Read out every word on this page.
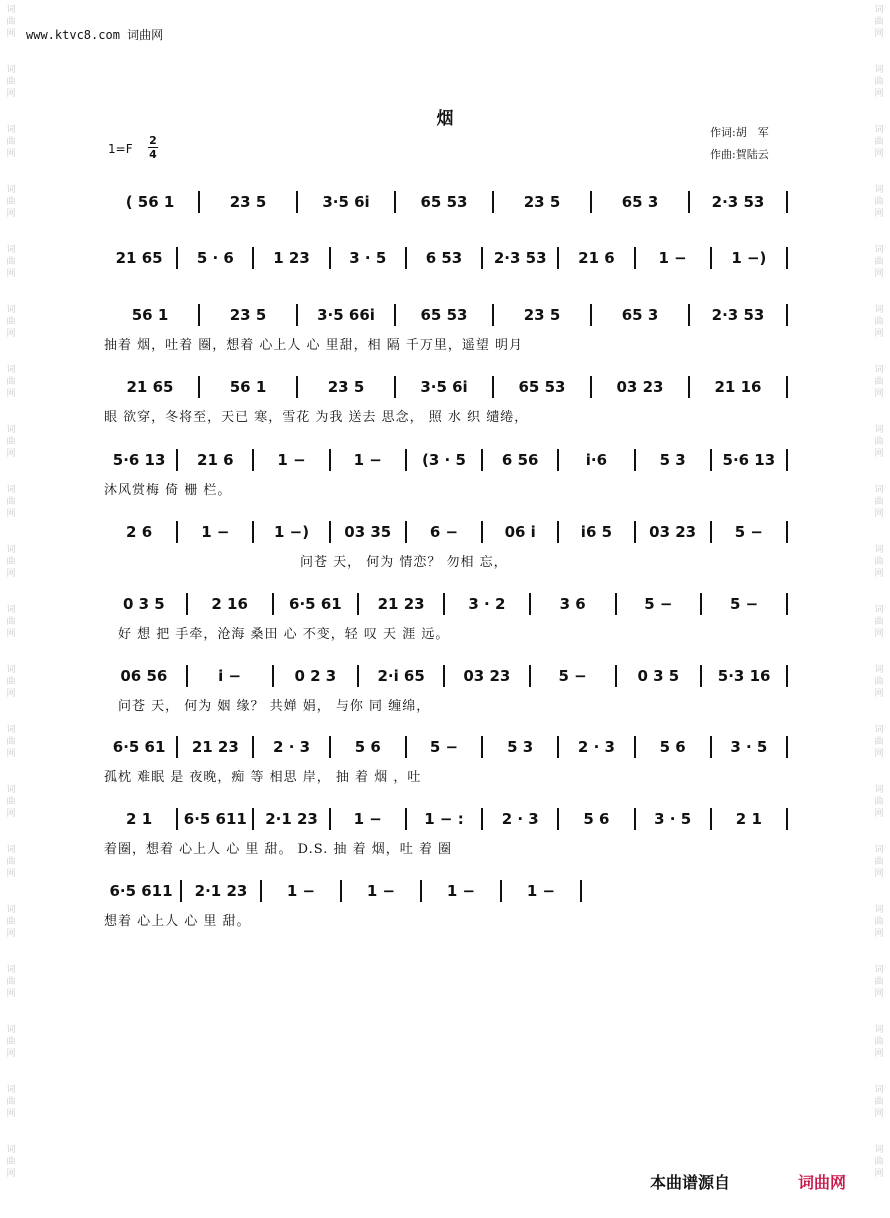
词
曲
网
词
曲
网
词
曲
网
词
曲
网
词
曲
网
词
曲
网
词
曲
网
词
曲
网
词
曲
网
词
曲
网
词
曲
网
词
曲
网
词
曲
网
词
曲
网
词
曲
网
词
曲
网
词
曲
网
词
曲
网
词
曲
网
词
曲
网
词
曲
网
词
曲
网
词
曲
网
词
曲
网
词
曲
网
词
曲
网
词
曲
网
词
曲
网
词
曲
网
词
曲
网
词
曲
网
词
曲
网
词
曲
网
词
曲
网
词
曲
网
词
曲
网
词
曲
网
词
曲
网
词
曲
网
词
曲
网
www.ktvc8.com 词曲网
烟
1=F
2
4
作词:胡　军
作曲:賀陆云
( 56 1	23 5	3·5 6i	65 53	23 5	65 3	2·3 53
21 65	5 · 6	1 23	3 · 5	6 53	2·3 53	21 6	1 −	1 −)
56 1	23 5	3·5 66i	65 53	23 5	65 3	2·3 53
抽着 烟，吐着 圈，想着 心上人 心 里甜，相 隔 千万里，遥望 明月
21 65	56 1	23 5	3·5 6i	65 53	03 23	21 16
眼 欲穿，冬将至，天已 寒，雪花 为我 送去 思念， 照 水 织 缱绻，
5·6 13	21 6	1 −	1 −	(3 · 5	6 56	i·6	5 3	5·6 13
沐风赏梅 倚 栅 栏。
2 6	1 −	1 −)	03 35	6 −	06 i	i6 5	03 23	5 −
　　　　　　　　　　　　　　问苍 天， 何为 情恋？ 勿相 忘，
0 3 5	2 16	6·5 61	21 23	3 · 2	3 6	5 −	5 −
　好 想 把 手牵，沧海 桑田 心 不变，轻 叹 天 涯 远。
06 56	i −	0 2 3	2·i 65	03 23	5 −	0 3 5	5·3 16
　问苍 天， 何为 姻 缘？ 共婵 娟， 与你 同 缠绵，
6·5 61	21 23	2 · 3	5 6	5 −	5 3	2 · 3	5 6	3 · 5
孤枕 难眠 是 夜晚，痴 等 相思 岸， 抽 着 烟 ，吐
2 1	6·5 611	2·1 23	1 −	1 − :	2 · 3	5 6	3 · 5	2 1
着圈，想着 心上人 心 里 甜。 D.S. 抽 着 烟，吐 着 圈
6·5 611	2·1 23	1 −	1 −	1 −	1 −
想着 心上人 心 里 甜。
本曲谱源自	词曲网
